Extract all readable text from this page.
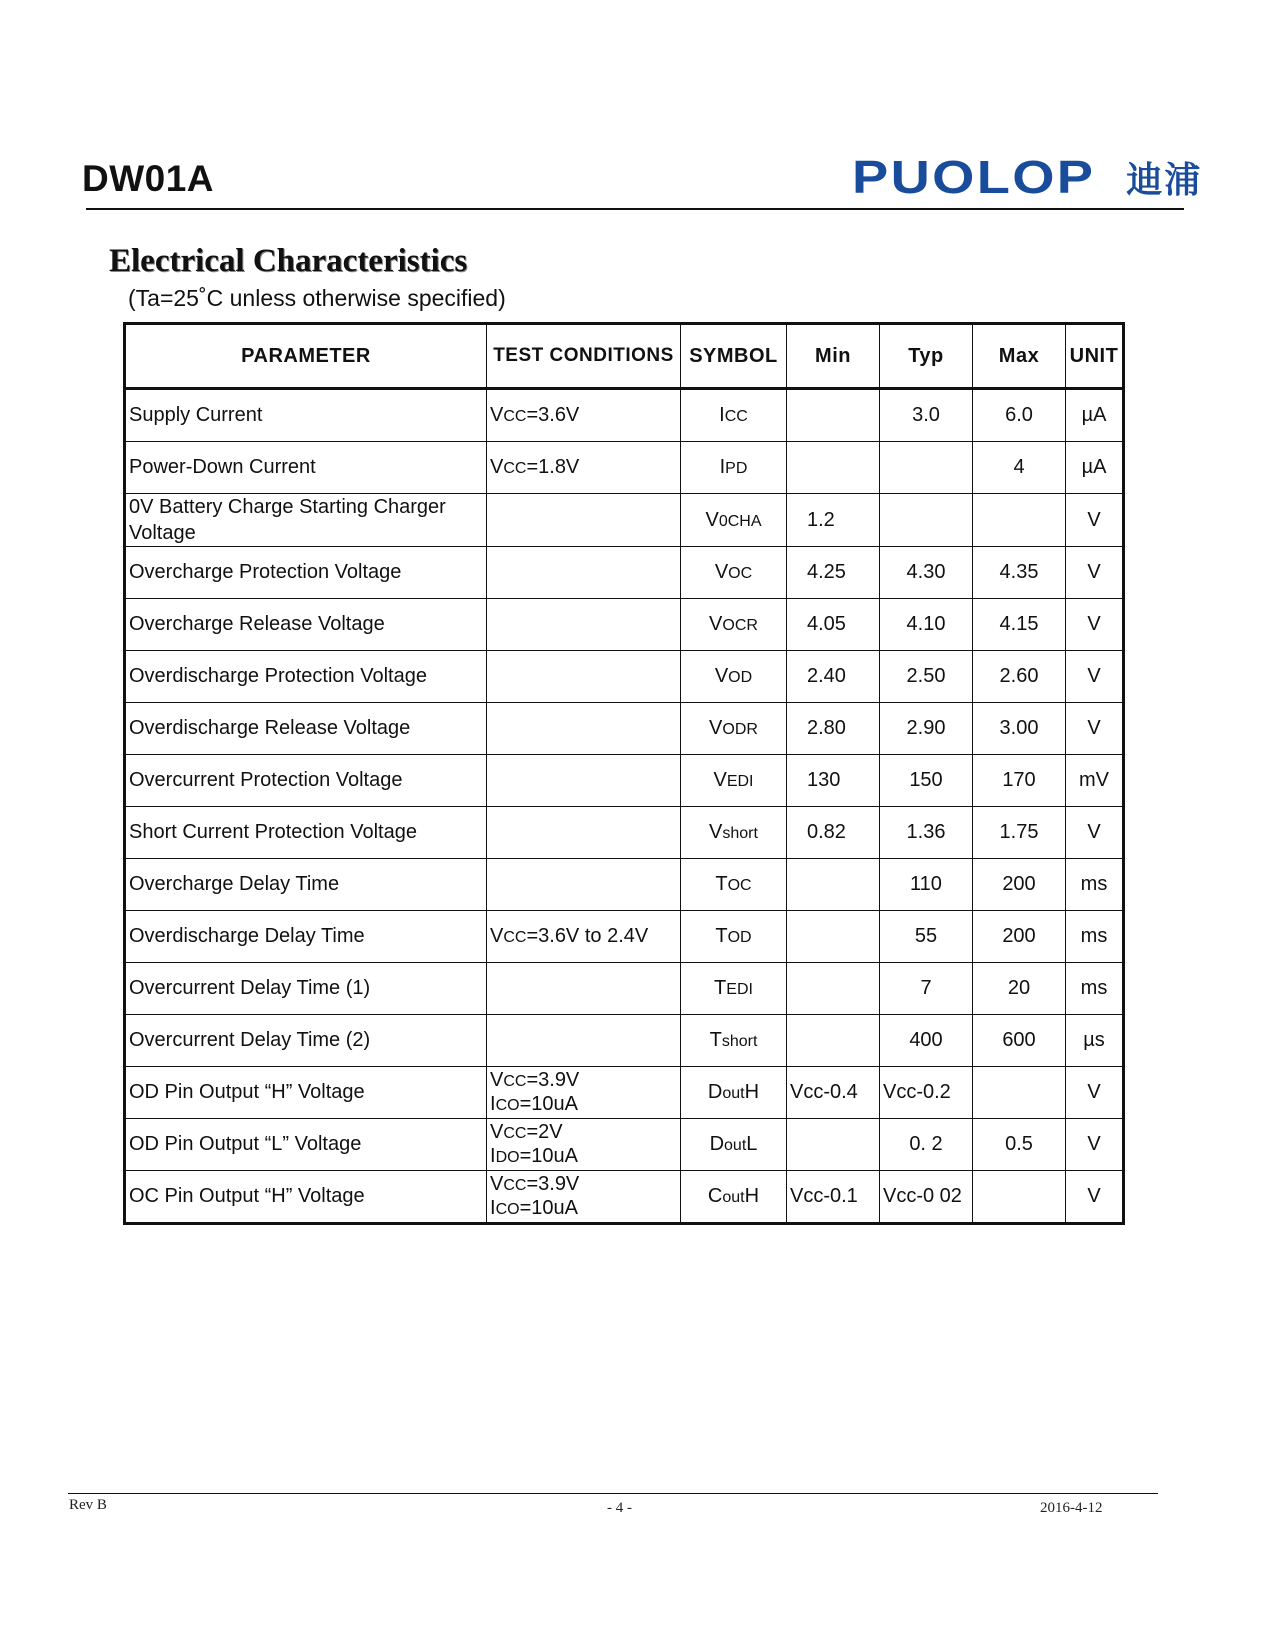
DW01A	PUOLOP 迪浦
Electrical Characteristics
(Ta=25˚C unless otherwise specified)
PARAMETER	TEST CONDITIONS	SYMBOL	Min	Typ	Max	UNIT
Supply Current	VCC=3.6V	ICC		3.0	6.0	µA
Power-Down Current	VCC=1.8V	IPD			4	µA
0V Battery Charge Starting Charger Voltage		V0CHA	1.2			V
Overcharge Protection Voltage		VOC	4.25	4.30	4.35	V
Overcharge Release Voltage		VOCR	4.05	4.10	4.15	V
Overdischarge Protection Voltage		VOD	2.40	2.50	2.60	V
Overdischarge Release Voltage		VODR	2.80	2.90	3.00	V
Overcurrent Protection Voltage		VEDI	130	150	170	mV
Short Current Protection Voltage		Vshort	0.82	1.36	1.75	V
Overcharge Delay Time		TOC		110	200	ms
Overdischarge Delay Time	VCC=3.6V to 2.4V	TOD		55	200	ms
Overcurrent Delay Time (1)		TEDI		7	20	ms
Overcurrent Delay Time (2)		Tshort		400	600	µs
OD Pin Output “H” Voltage	VCC=3.9V
ICO=10uA	DoutH	Vcc-0.4	Vcc-0.2		V
OD Pin Output “L” Voltage	VCC=2V
IDO=10uA	DoutL		0. 2	0.5	V
OC Pin Output “H” Voltage	VCC=3.9V
ICO=10uA	CoutH	Vcc-0.1	Vcc-0 02		V
Rev B	- 4 -	2016-4-12
